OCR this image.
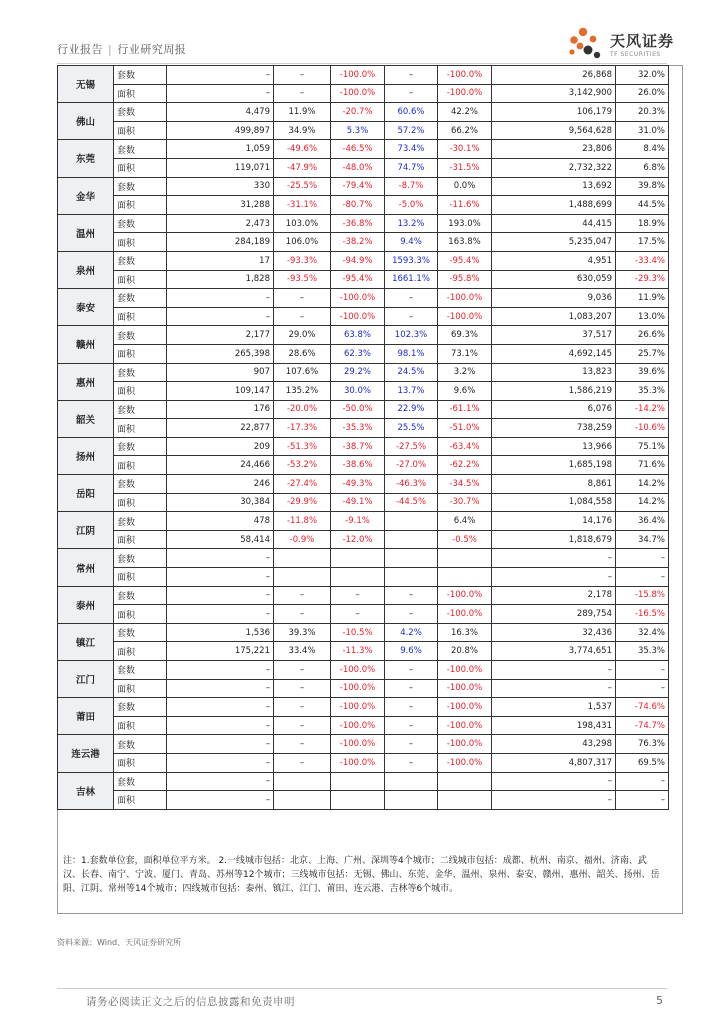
行业报告 | 行业研究周报	天风证券
TF SECURITIES
无锡	套数	–	–	-100.0%	–	-100.0%	26,868	32.0%
	面积	–	–	-100.0%	–	-100.0%	3,142,900	26.0%
佛山	套数	4,479	11.9%	-20.7%	60.6%	42.2%	106,179	20.3%
	面积	499,897	34.9%	5.3%	57.2%	66.2%	9,564,628	31.0%
东莞	套数	1,059	-49.6%	-46.5%	73.4%	-30.1%	23,806	8.4%
	面积	119,071	-47.9%	-48.0%	74.7%	-31.5%	2,732,322	6.8%
金华	套数	330	-25.5%	-79.4%	-8.7%	0.0%	13,692	39.8%
	面积	31,288	-31.1%	-80.7%	-5.0%	-11.6%	1,488,699	44.5%
温州	套数	2,473	103.0%	-36.8%	13.2%	193.0%	44,415	18.9%
	面积	284,189	106.0%	-38.2%	9.4%	163.8%	5,235,047	17.5%
泉州	套数	17	-93.3%	-94.9%	1593.3%	-95.4%	4,951	-33.4%
	面积	1,828	-93.5%	-95.4%	1661.1%	-95.8%	630,059	-29.3%
泰安	套数	–	–	-100.0%	–	-100.0%	9,036	11.9%
	面积	–	–	-100.0%	–	-100.0%	1,083,207	13.0%
赣州	套数	2,177	29.0%	63.8%	102.3%	69.3%	37,517	26.6%
	面积	265,398	28.6%	62.3%	98.1%	73.1%	4,692,145	25.7%
惠州	套数	907	107.6%	29.2%	24.5%	3.2%	13,823	39.6%
	面积	109,147	135.2%	30.0%	13.7%	9.6%	1,586,219	35.3%
韶关	套数	176	-20.0%	-50.0%	22.9%	-61.1%	6,076	-14.2%
	面积	22,877	-17.3%	-35.3%	25.5%	-51.0%	738,259	-10.6%
扬州	套数	209	-51.3%	-38.7%	-27.5%	-63.4%	13,966	75.1%
	面积	24,466	-53.2%	-38.6%	-27.0%	-62.2%	1,685,198	71.6%
岳阳	套数	246	-27.4%	-49.3%	-46.3%	-34.5%	8,861	14.2%
	面积	30,384	-29.9%	-49.1%	-44.5%	-30.7%	1,084,558	14.2%
江阴	套数	478	-11.8%	-9.1%		6.4%	14,176	36.4%
	面积	58,414	-0.9%	-12.0%		-0.5%	1,818,679	34.7%
常州	套数	–					–	–
	面积	–					–	–
泰州	套数	–	–	–	–	-100.0%	2,178	-15.8%
	面积	–	–	–	–	-100.0%	289,754	-16.5%
镇江	套数	1,536	39.3%	-10.5%	4.2%	16.3%	32,436	32.4%
	面积	175,221	33.4%	-11.3%	9.6%	20.8%	3,774,651	35.3%
江门	套数	–	–	-100.0%	–	-100.0%	–	–
	面积	–	–	-100.0%	–	-100.0%	–	–
莆田	套数	–	–	-100.0%	–	-100.0%	1,537	-74.6%
	面积	–	–	-100.0%	–	-100.0%	198,431	-74.7%
连云港	套数	–	–	-100.0%	–	-100.0%	43,298	76.3%
	面积	–	–	-100.0%	–	-100.0%	4,807,317	69.5%
吉林	套数	–					–	–
	面积	–					–	–
注：1.套数单位套，面积单位平方米。 2.一线城市包括：北京、上海、广州、深圳等4个城市；二线城市包括：成都、杭州、南京、福州、济南、武汉、长春、南宁、宁波、厦门、青岛、苏州等12个城市；三线城市包括：无锡、佛山、东莞、金华、温州、泉州、泰安、赣州、惠州、韶关、扬州、岳阳、江阴、常州等14个城市；四线城市包括：泰州、镇江、江门、莆田、连云港、吉林等6个城市。
资料来源：Wind、天风证券研究所
请务必阅读正文之后的信息披露和免责申明	5
